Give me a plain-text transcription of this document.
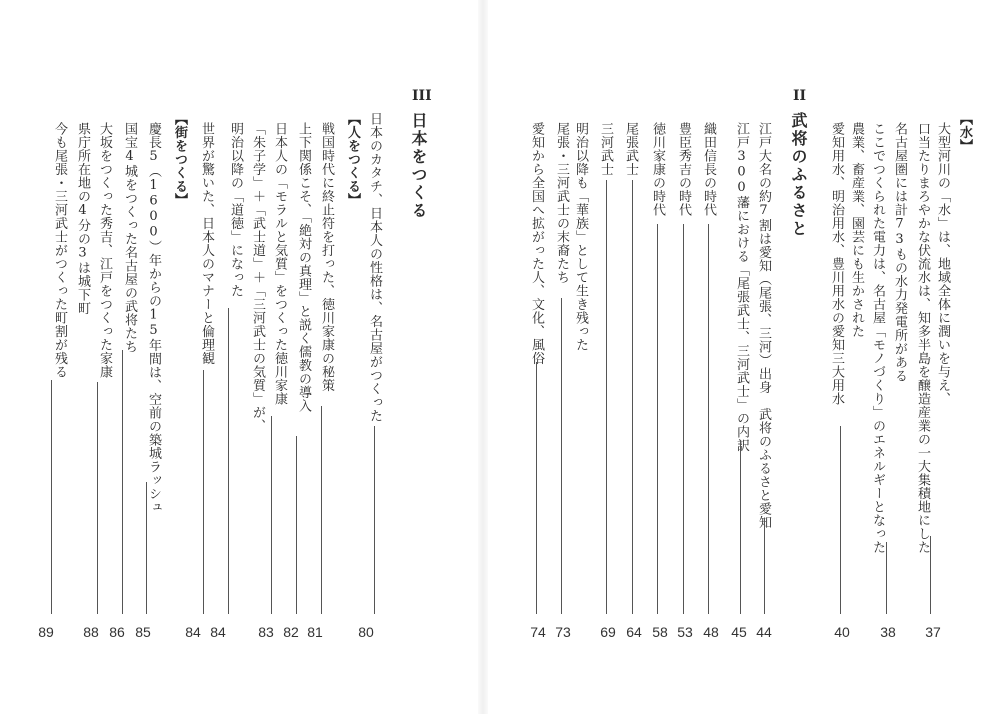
II
武将のふるさと	【水】
大型河川の「水」は、地域全体に潤いを与え、
口当たりまろやかな伏流水は、知多半島を醸造産業の一大集積地にした
名古屋圏には計73もの水力発電所がある
ここでつくられた電力は、名古屋「モノづくり」のエネルギーとなった
農業、畜産業、園芸にも生かされた
愛知用水、明治用水、豊川用水の愛知三大用水
江戸大名の約7割は愛知（尾張、三河）出身　武将のふるさと愛知
江戸300藩における「尾張武士、三河武士」の内訳
織田信長の時代
豊臣秀吉の時代
徳川家康の時代
尾張武士
三河武士
明治以降も「華族」として生き残った
尾張・三河武士の末裔たち
愛知から全国へ拡がった人、文化、風俗
37
38
40
44
45
48
53
58
64
69
73
74
III
日本をつくる
日本のカタチ、日本人の性格は、名古屋がつくった
【人をつくる】
戦国時代に終止符を打った、徳川家康の秘策
上下関係こそ、「絶対の真理」と説く儒教の導入
日本人の「モラルと気質」をつくった徳川家康
「朱子学」＋「武士道」＋「三河武士の気質」が、
明治以降の「道徳」になった
世界が驚いた、日本人のマナーと倫理観
【街をつくる】
慶長5（1600）年からの15年間は、空前の築城ラッシュ
国宝4城をつくった名古屋の武将たち
大坂をつくった秀吉、江戸をつくった家康
県庁所在地の4分の3は城下町
今も尾張・三河武士がつくった町割が残る
80
81
82
83
84
84
85
86
88
89
